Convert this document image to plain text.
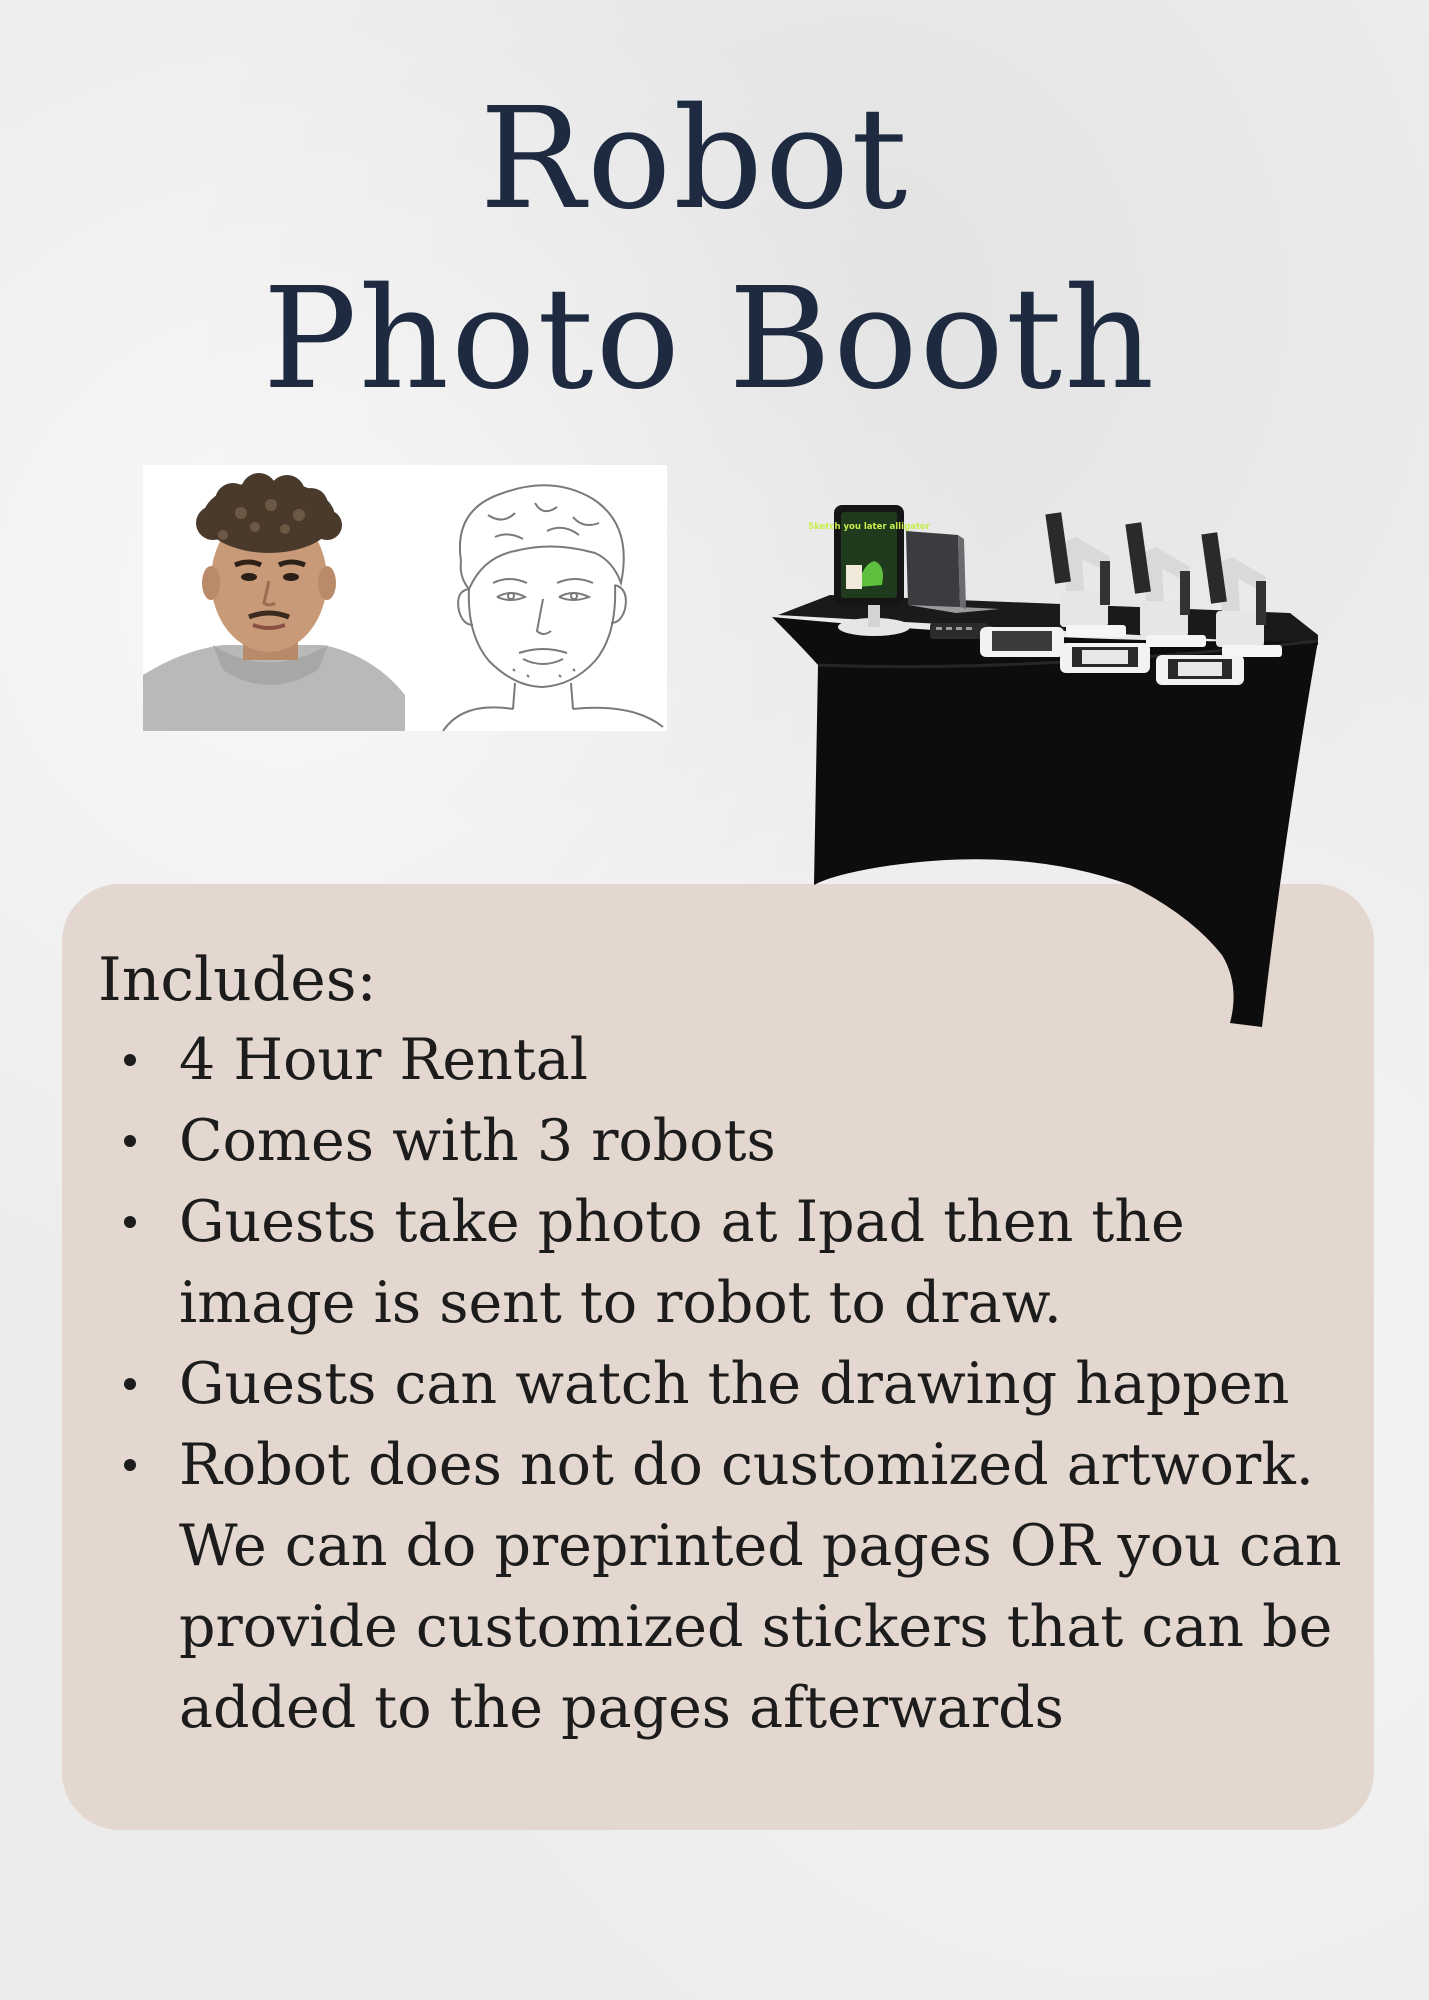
Robot
Photo Booth
Sketch you later alligator
Includes:
4 Hour Rental
Comes with 3 robots
Guests take photo at Ipad then the image is sent to robot to draw.
Guests can watch the drawing happen
Robot does not do customized artwork. We can do preprinted pages OR you can provide customized stickers that can be added to the pages afterwards
